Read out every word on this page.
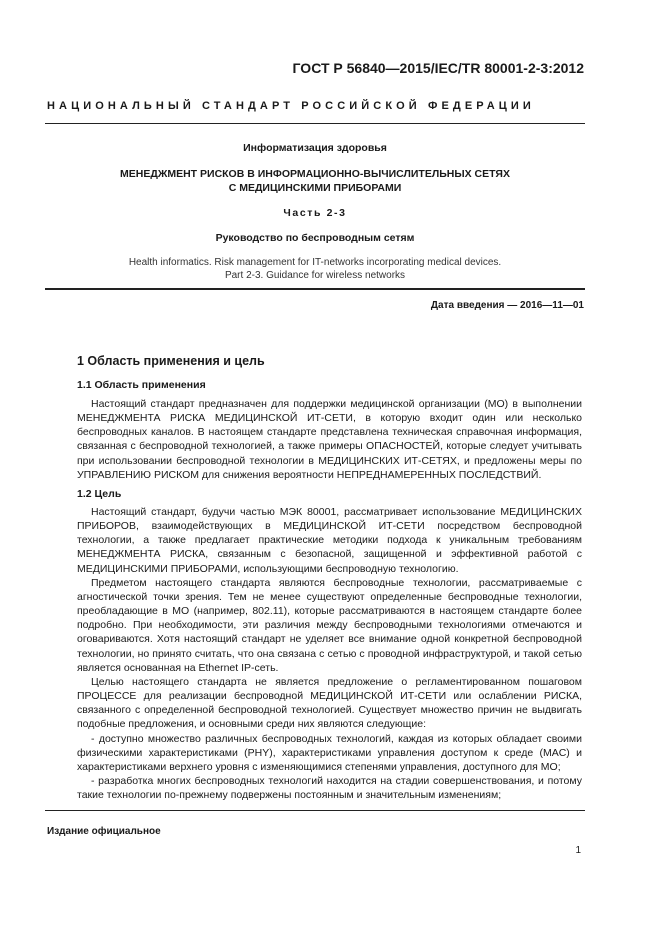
ГОСТ Р 56840—2015/IEC/TR 80001-2-3:2012
НАЦИОНАЛЬНЫЙ СТАНДАРТ РОССИЙСКОЙ ФЕДЕРАЦИИ
Информатизация здоровья
МЕНЕДЖМЕНТ РИСКОВ В ИНФОРМАЦИОННО-ВЫЧИСЛИТЕЛЬНЫХ СЕТЯХ
С МЕДИЦИНСКИМИ ПРИБОРАМИ
Часть 2-3
Руководство по беспроводным сетям
Health informatics. Risk management for IT-networks incorporating medical devices.
Part 2-3. Guidance for wireless networks
Дата введения — 2016—11—01
1 Область применения и цель
1.1 Область применения

Настоящий стандарт предназначен для поддержки медицинской организации (МО) в выполнении МЕНЕДЖМЕНТА РИСКА МЕДИЦИНСКОЙ ИТ-СЕТИ, в которую входит один или несколько беспроводных каналов. В настоящем стандарте представлена техническая справочная информация, связанная с беспроводной технологией, а также примеры ОПАСНОСТЕЙ, которые следует учитывать при использовании беспроводной технологии в МЕДИЦИНСКИХ ИТ-СЕТЯХ, и предложены меры по УПРАВЛЕНИЮ РИСКОМ для снижения вероятности НЕПРЕДНАМЕРЕННЫХ ПОСЛЕДСТВИЙ.

1.2 Цель

Настоящий стандарт, будучи частью МЭК 80001, рассматривает использование МЕДИЦИНСКИХ ПРИБОРОВ, взаимодействующих в МЕДИЦИНСКОЙ ИТ-СЕТИ посредством беспроводной технологии, а также предлагает практические методики подхода к уникальным требованиям МЕНЕДЖМЕНТА РИСКА, связанным с безопасной, защищенной и эффективной работой с МЕДИЦИНСКИМИ ПРИБОРАМИ, использующими беспроводную технологию.

Предметом настоящего стандарта являются беспроводные технологии, рассматриваемые с агностической точки зрения. Тем не менее существуют определенные беспроводные технологии, преобладающие в МО (например, 802.11), которые рассматриваются в настоящем стандарте более подробно. При необходимости, эти различия между беспроводными технологиями отмечаются и оговариваются. Хотя настоящий стандарт не уделяет все внимание одной конкретной беспроводной технологии, но принято считать, что она связана с сетью с проводной инфраструктурой, и такой сетью является основанная на Ethernet IP-сеть.

Целью настоящего стандарта не является предложение о регламентированном пошаговом ПРОЦЕССЕ для реализации беспроводной МЕДИЦИНСКОЙ ИТ-СЕТИ или ослаблении РИСКА, связанного с определенной беспроводной технологией. Существует множество причин не выдвигать подобные предложения, и основными среди них являются следующие:

- доступно множество различных беспроводных технологий, каждая из которых обладает своими физическими характеристиками (PHY), характеристиками управления доступом к среде (MAC) и характеристиками верхнего уровня с изменяющимися степенями управления, доступного для МО;

- разработка многих беспроводных технологий находится на стадии совершенствования, и потому такие технологии по-прежнему подвержены постоянным и значительным изменениям;

Издание официальное
1
